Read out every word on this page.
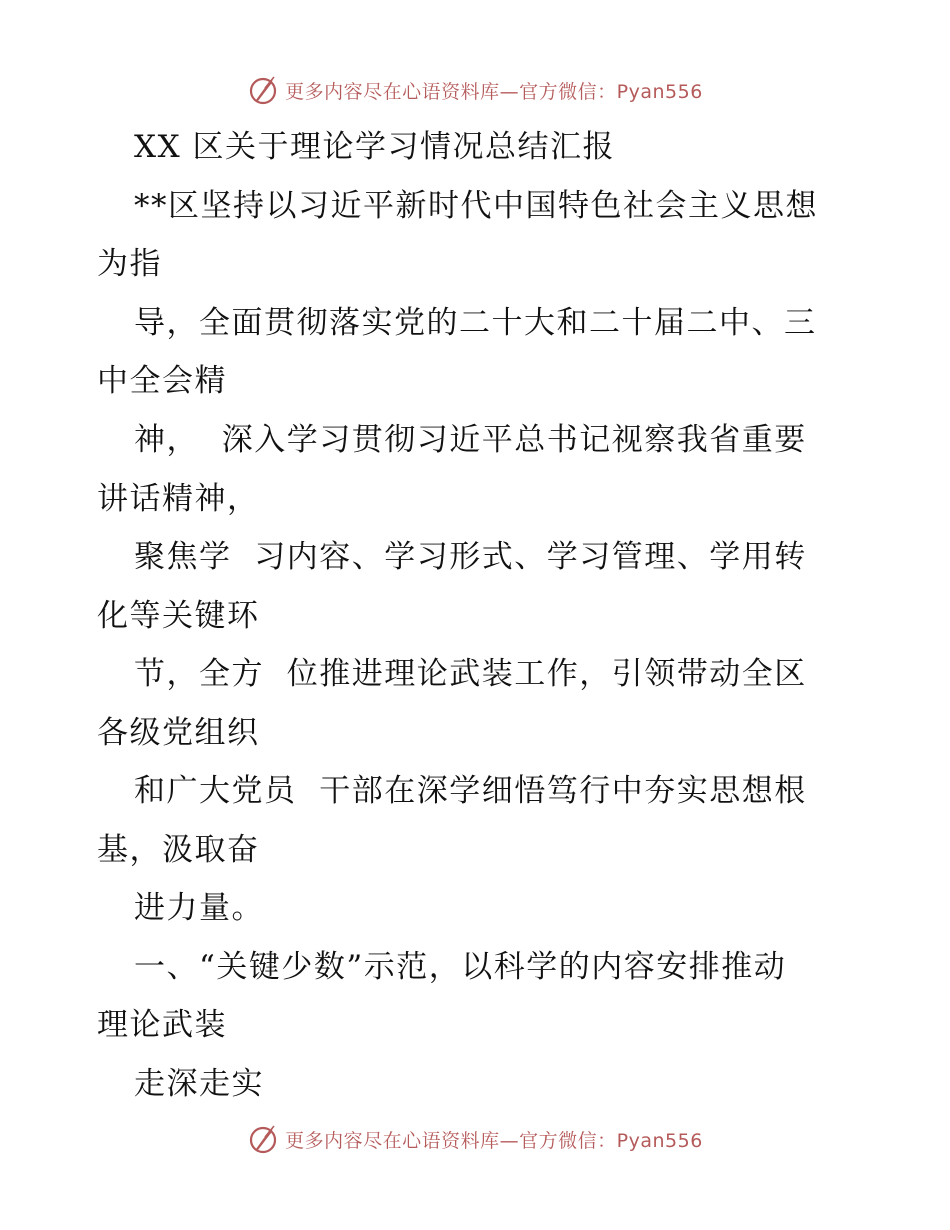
更多内容尽在心语资料库—官方微信：Pyan556
XX 区关于理论学习情况总结汇报
**区坚持以习近平新时代中国特色社会主义思想
为指
导，全面贯彻落实党的二十大和二十届二中、三
中全会精
神，  深入学习贯彻习近平总书记视察我省重要
讲话精神，
聚焦学  习内容、学习形式、学习管理、学用转
化等关键环
节，全方  位推进理论武装工作，引领带动全区
各级党组织
和广大党员  干部在深学细悟笃行中夯实思想根
基，汲取奋
进力量。
一、“关键少数”示范，以科学的内容安排推动
理论武装
走深走实
更多内容尽在心语资料库—官方微信：Pyan556
